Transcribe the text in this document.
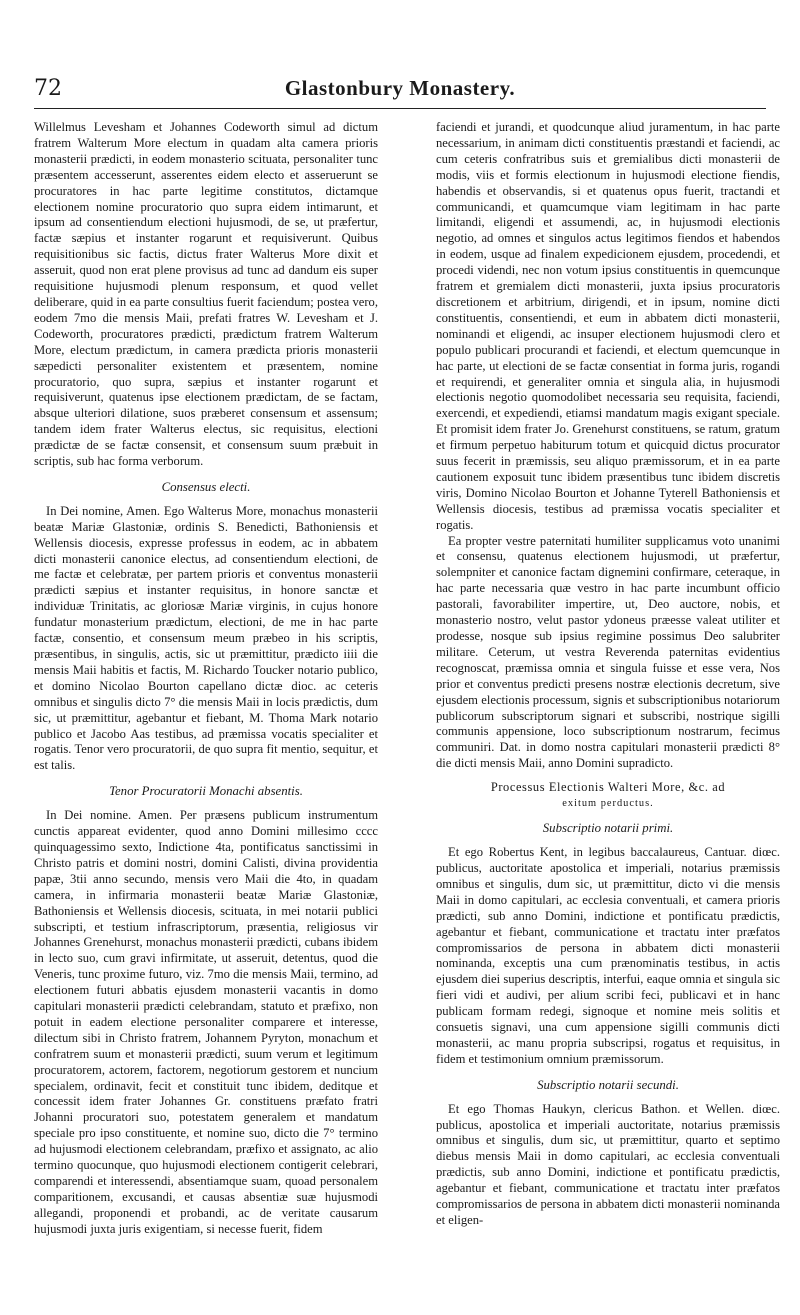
72	Glastonbury Monastery.

Willelmus Levesham et Johannes Codeworth simul ad dictum fratrem Walterum More electum in quadam alta camera prioris monasterii prædicti, in eodem monasterio scituata, personaliter tunc præsentem accesserunt, asserentes eidem electo et asseruerunt se procuratores in hac parte legitime constitutos, dictamque electionem nomine procuratorio quo supra eidem intimarunt, et ipsum ad consentiendum electioni hujusmodi, de se, ut præfertur, factæ sæpius et instanter rogarunt et requisiverunt. Quibus requisitionibus sic factis, dictus frater Walterus More dixit et asseruit, quod non erat plene provisus ad tunc ad dandum eis super requisitione hujusmodi plenum responsum, et quod vellet deliberare, quid in ea parte consultius fuerit faciendum; postea vero, eodem 7mo die mensis Maii, prefati fratres W. Levesham et J. Codeworth, procuratores prædicti, prædictum fratrem Walterum More, electum prædictum, in camera prædicta prioris monasterii sæpedicti personaliter existentem et præsentem, nomine procuratorio, quo supra, sæpius et instanter rogarunt et requisiverunt, quatenus ipse electionem prædictam, de se factam, absque ulteriori dilatione, suos præberet consensum et assensum; tandem idem frater Walterus electus, sic requisitus, electioni prædictæ de se factæ consensit, et consensum suum præbuit in scriptis, sub hac forma verborum.

Consensus electi.

In Dei nomine, Amen. Ego Walterus More, monachus monasterii beatæ Mariæ Glastoniæ, ordinis S. Benedicti, Bathoniensis et Wellensis diocesis, expresse professus in eodem, ac in abbatem dicti monasterii canonice electus, ad consentiendum electioni, de me factæ et celebratæ, per partem prioris et conventus monasterii prædicti sæpius et instanter requisitus, in honore sanctæ et individuæ Trinitatis, ac gloriosæ Mariæ virginis, in cujus honore fundatur monasterium prædictum, electioni, de me in hac parte factæ, consentio, et consensum meum præbeo in his scriptis, præsentibus, in singulis, actis, sic ut præmittitur, prædicto iiii die mensis Maii habitis et factis, M. Richardo Toucker notario publico, et domino Nicolao Bourton capellano dictæ dioc. ac ceteris omnibus et singulis dicto 7° die mensis Maii in locis prædictis, dum sic, ut præmittitur, agebantur et fiebant, M. Thoma Mark notario publico et Jacobo Aas testibus, ad præmissa vocatis specialiter et rogatis. Tenor vero procuratorii, de quo supra fit mentio, sequitur, et est talis.

Tenor Procuratorii Monachi absentis.

In Dei nomine. Amen. Per præsens publicum instrumentum cunctis appareat evidenter, quod anno Domini millesimo cccc quinquagessimo sexto, Indictione 4ta, pontificatus sanctissimi in Christo patris et domini nostri, domini Calisti, divina providentia papæ, 3tii anno secundo, mensis vero Maii die 4to, in quadam camera, in infirmaria monasterii beatæ Mariæ Glastoniæ, Bathoniensis et Wellensis diocesis, scituata, in mei notarii publici subscripti, et testium infrascriptorum, præsentia, religiosus vir Johannes Grenehurst, monachus monasterii prædicti, cubans ibidem in lecto suo, cum gravi infirmitate, ut asseruit, detentus, quod die Veneris, tunc proxime futuro, viz. 7mo die mensis Maii, termino, ad electionem futuri abbatis ejusdem monasterii vacantis in domo capitulari monasterii prædicti celebrandam, statuto et præfixo, non potuit in eadem electione personaliter comparere et interesse, dilectum sibi in Christo fratrem, Johannem Pyryton, monachum et confratrem suum et monasterii prædicti, suum verum et legitimum procuratorem, actorem, factorem, negotiorum gestorem et nuncium specialem, ordinavit, fecit et constituit tunc ibidem, deditque et concessit idem frater Johannes Gr. constituens præfato fratri Johanni procuratori suo, potestatem generalem et mandatum speciale pro ipso constituente, et nomine suo, dicto die 7° termino ad hujusmodi electionem celebrandam, præfixo et assignato, ac alio termino quocunque, quo hujusmodi electionem contigerit celebrari, comparendi et interessendi, absentiamque suam, quoad personalem comparitionem, excusandi, et causas absentiæ suæ hujusmodi allegandi, proponendi et probandi, ac de veritate causarum hujusmodi juxta juris exigentiam, si necesse fuerit, fidem

faciendi et jurandi, et quodcunque aliud juramentum, in hac parte necessarium, in animam dicti constituentis præstandi et faciendi, ac cum ceteris confratribus suis et gremialibus dicti monasterii de modis, viis et formis electionum in hujusmodi electione fiendis, habendis et observandis, si et quatenus opus fuerit, tractandi et communicandi, et quamcumque viam legitimam in hac parte limitandi, eligendi et assumendi, ac, in hujusmodi electionis negotio, ad omnes et singulos actus legitimos fiendos et habendos in eodem, usque ad finalem expedicionem ejusdem, procedendi, et procedi videndi, nec non votum ipsius constituentis in quemcunque fratrem et gremialem dicti monasterii, juxta ipsius procuratoris discretionem et arbitrium, dirigendi, et in ipsum, nomine dicti constituentis, consentiendi, et eum in abbatem dicti monasterii, nominandi et eligendi, ac insuper electionem hujusmodi clero et populo publicari procurandi et faciendi, et electum quemcunque in hac parte, ut electioni de se factæ consentiat in forma juris, rogandi et requirendi, et generaliter omnia et singula alia, in hujusmodi electionis negotio quomodolibet necessaria seu requisita, faciendi, exercendi, et expediendi, etiamsi mandatum magis exigant speciale. Et promisit idem frater Jo. Grenehurst constituens, se ratum, gratum et firmum perpetuo habiturum totum et quicquid dictus procurator suus fecerit in præmissis, seu aliquo præmissorum, et in ea parte cautionem exposuit tunc ibidem præsentibus tunc ibidem discretis viris, Domino Nicolao Bourton et Johanne Tyterell Bathoniensis et Wellensis diocesis, testibus ad præmissa vocatis specialiter et rogatis.

Ea propter vestre paternitati humiliter supplicamus voto unanimi et consensu, quatenus electionem hujusmodi, ut præfertur, solempniter et canonice factam dignemini confirmare, ceteraque, in hac parte necessaria quæ vestro in hac parte incumbunt officio pastorali, favorabiliter impertire, ut, Deo auctore, nobis, et monasterio nostro, velut pastor ydoneus præesse valeat utiliter et prodesse, nosque sub ipsius regimine possimus Deo salubriter militare. Ceterum, ut vestra Reverenda paternitas evidentius recognoscat, præmissa omnia et singula fuisse et esse vera, Nos prior et conventus predicti presens nostræ electionis decretum, sive ejusdem electionis processum, signis et subscriptionibus notariorum publicorum subscriptorum signari et subscribi, nostrique sigilli communis appensione, loco subscriptionum nostrarum, fecimus communiri. Dat. in domo nostra capitulari monasterii prædicti 8° die dicti mensis Maii, anno Domini supradicto.

Processus Electionis Walteri More, &c. ad
exitum perductus.
Subscriptio notarii primi.

Et ego Robertus Kent, in legibus baccalaureus, Cantuar. diœc. publicus, auctoritate apostolica et imperiali, notarius præmissis omnibus et singulis, dum sic, ut præmittitur, dicto vi die mensis Maii in domo capitulari, ac ecclesia conventuali, et camera prioris prædicti, sub anno Domini, indictione et pontificatu prædictis, agebantur et fiebant, communicatione et tractatu inter præfatos compromissarios de persona in abbatem dicti monasterii nominanda, exceptis una cum prænominatis testibus, in actis ejusdem diei superius descriptis, interfui, eaque omnia et singula sic fieri vidi et audivi, per alium scribi feci, publicavi et in hanc publicam formam redegi, signoque et nomine meis solitis et consuetis signavi, una cum appensione sigilli communis dicti monasterii, ac manu propria subscripsi, rogatus et requisitus, in fidem et testimonium omnium præmissorum.

Subscriptio notarii secundi.

Et ego Thomas Haukyn, clericus Bathon. et Wellen. diœc. publicus, apostolica et imperiali auctoritate, notarius præmissis omnibus et singulis, dum sic, ut præmittitur, quarto et septimo diebus mensis Maii in domo capitulari, ac ecclesia conventuali prædictis, sub anno Domini, indictione et pontificatu prædictis, agebantur et fiebant, communicatione et tractatu inter præfatos compromissarios de persona in abbatem dicti monasterii nominanda et eligen-
